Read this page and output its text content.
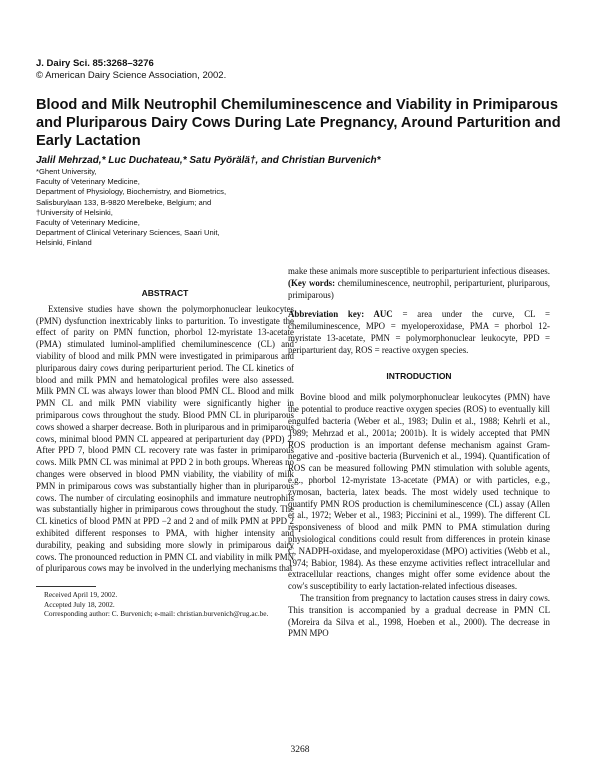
J. Dairy Sci. 85:3268–3276
© American Dairy Science Association, 2002.
Blood and Milk Neutrophil Chemiluminescence and Viability in Primiparous and Pluriparous Dairy Cows During Late Pregnancy, Around Parturition and Early Lactation
Jalil Mehrzad,* Luc Duchateau,* Satu Pyörälä†, and Christian Burvenich*
*Ghent University,
Faculty of Veterinary Medicine,
Department of Physiology, Biochemistry, and Biometrics,
Salisburylaan 133, B-9820 Merelbeke, Belgium; and
†University of Helsinki,
Faculty of Veterinary Medicine,
Department of Clinical Veterinary Sciences, Saari Unit,
Helsinki, Finland
ABSTRACT

Extensive studies have shown the polymorphonuclear leukocytes (PMN) dysfunction inextricably links to parturition. To investigate the effect of parity on PMN function, phorbol 12-myristate 13-acetate (PMA) stimulated luminol-amplified chemiluminescence (CL) and viability of blood and milk PMN were investigated in primiparous and pluriparous dairy cows during periparturient period. The CL kinetics of blood and milk PMN and hematological profiles were also assessed. Milk PMN CL was always lower than blood PMN CL. Blood and milk PMN CL and milk PMN viability were significantly higher in primiparous cows throughout the study. Blood PMN CL in pluriparous cows showed a sharper decrease. Both in pluriparous and in primiparous cows, minimal blood PMN CL appeared at periparturient day (PPD) 2. After PPD 7, blood PMN CL recovery rate was faster in primiparous cows. Milk PMN CL was minimal at PPD 2 in both groups. Whereas no changes were observed in blood PMN viability, the viability of milk PMN in primiparous cows was substantially higher than in pluriparous cows. The number of circulating eosinophils and immature neutrophils was substantially higher in primiparous cows throughout the study. The CL kinetics of blood PMN at PPD −2 and 2 and of milk PMN at PPD 2 exhibited different responses to PMA, with higher intensity and durability, peaking and subsiding more slowly in primiparous dairy cows. The pronounced reduction in PMN CL and viability in milk PMN of pluriparous cows may be involved in the underlying mechanisms that

make these animals more susceptible to periparturient infectious diseases.

(Key words: chemiluminescence, neutrophil, periparturient, pluriparous, primiparous)

Abbreviation key: AUC = area under the curve, CL = chemiluminescence, MPO = myeloperoxidase, PMA = phorbol 12-myristate 13-acetate, PMN = polymorphonuclear leukocyte, PPD = periparturient day, ROS = reactive oxygen species.

INTRODUCTION

Bovine blood and milk polymorphonuclear leukocytes (PMN) have the potential to produce reactive oxygen species (ROS) to eventually kill engulfed bacteria (Weber et al., 1983; Dulin et al., 1988; Kehrli et al., 1989; Mehrzad et al., 2001a; 2001b). It is widely accepted that PMN ROS production is an important defense mechanism against Gram-negative and -positive bacteria (Burvenich et al., 1994). Quantification of ROS can be measured following PMN stimulation with soluble agents, e.g., phorbol 12-myristate 13-acetate (PMA) or with particles, e.g., zymosan, bacteria, latex beads. The most widely used technique to quantify PMN ROS production is chemiluminescence (CL) assay (Allen et al., 1972; Weber et al., 1983; Piccinini et al., 1999). The different CL responsiveness of blood and milk PMN to PMA stimulation during physiological conditions could result from differences in protein kinase C, NADPH-oxidase, and myeloperoxidase (MPO) activities (Webb et al., 1974; Babior, 1984). As these enzyme activities reflect intracellular and extracellular reactions, changes might offer some evidence about the cow's susceptibility to early lactation-related infectious diseases.

The transition from pregnancy to lactation causes stress in dairy cows. This transition is accompanied by a gradual decrease in PMN CL (Moreira da Silva et al., 1998, Hoeben et al., 2000). The decrease in PMN MPO

Received April 19, 2002.

Accepted July 18, 2002.

Corresponding author: C. Burvenich; e-mail: christian.burvenich@rug.ac.be.

3268
